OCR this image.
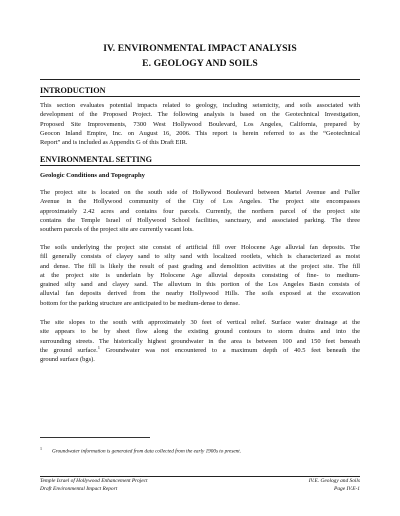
IV. ENVIRONMENTAL IMPACT ANALYSIS
E. GEOLOGY AND SOILS
INTRODUCTION
This section evaluates potential impacts related to geology, including seismicity, and soils associated with
development of the Proposed Project. The following analysis is based on the Geotechnical Investigation,
Proposed Site Improvements, 7300 West Hollywood Boulevard, Los Angeles, California, prepared by
Geocon Inland Empire, Inc. on August 16, 2006. This report is herein referred to as the “Geotechnical
Report” and is included as Appendix G of this Draft EIR.
ENVIRONMENTAL SETTING
Geologic Conditions and Topography
The project site is located on the south side of Hollywood Boulevard between Martel Avenue and Fuller
Avenue in the Hollywood community of the City of Los Angeles. The project site encompasses
approximately 2.42 acres and contains four parcels. Currently, the northern parcel of the project site
contains the Temple Israel of Hollywood School facilities, sanctuary, and associated parking. The three
southern parcels of the project site are currently vacant lots.
The soils underlying the project site consist of artificial fill over Holocene Age alluvial fan deposits. The
fill generally consists of clayey sand to silty sand with localized rootlets, which is characterized as moist
and dense. The fill is likely the result of past grading and demolition activities at the project site. The fill
at the project site is underlain by Holocene Age alluvial deposits consisting of fine- to medium-
grained silty sand and clayey sand. The alluvium in this portion of the Los Angeles Basin consists of
alluvial fan deposits derived from the nearby Hollywood Hills. The soils exposed at the excavation
bottom for the parking structure are anticipated to be medium-dense to dense.
The site slopes to the south with approximately 30 feet of vertical relief. Surface water drainage at the
site appears to be by sheet flow along the existing ground contours to storm drains and into the
surrounding streets. The historically highest groundwater in the area is between 100 and 150 feet beneath
the ground surface.$^1$ Groundwater was not encountered to a maximum depth of 40.5 feet beneath the
ground surface (bgs).
$^1$Groundwater information is generated from data collected from the early 1900s to present.
Temple Israel of Hollywood Enhancement Project	IV.E. Geology and Soils
Draft Environmental Impact Report	Page IV.E-1
